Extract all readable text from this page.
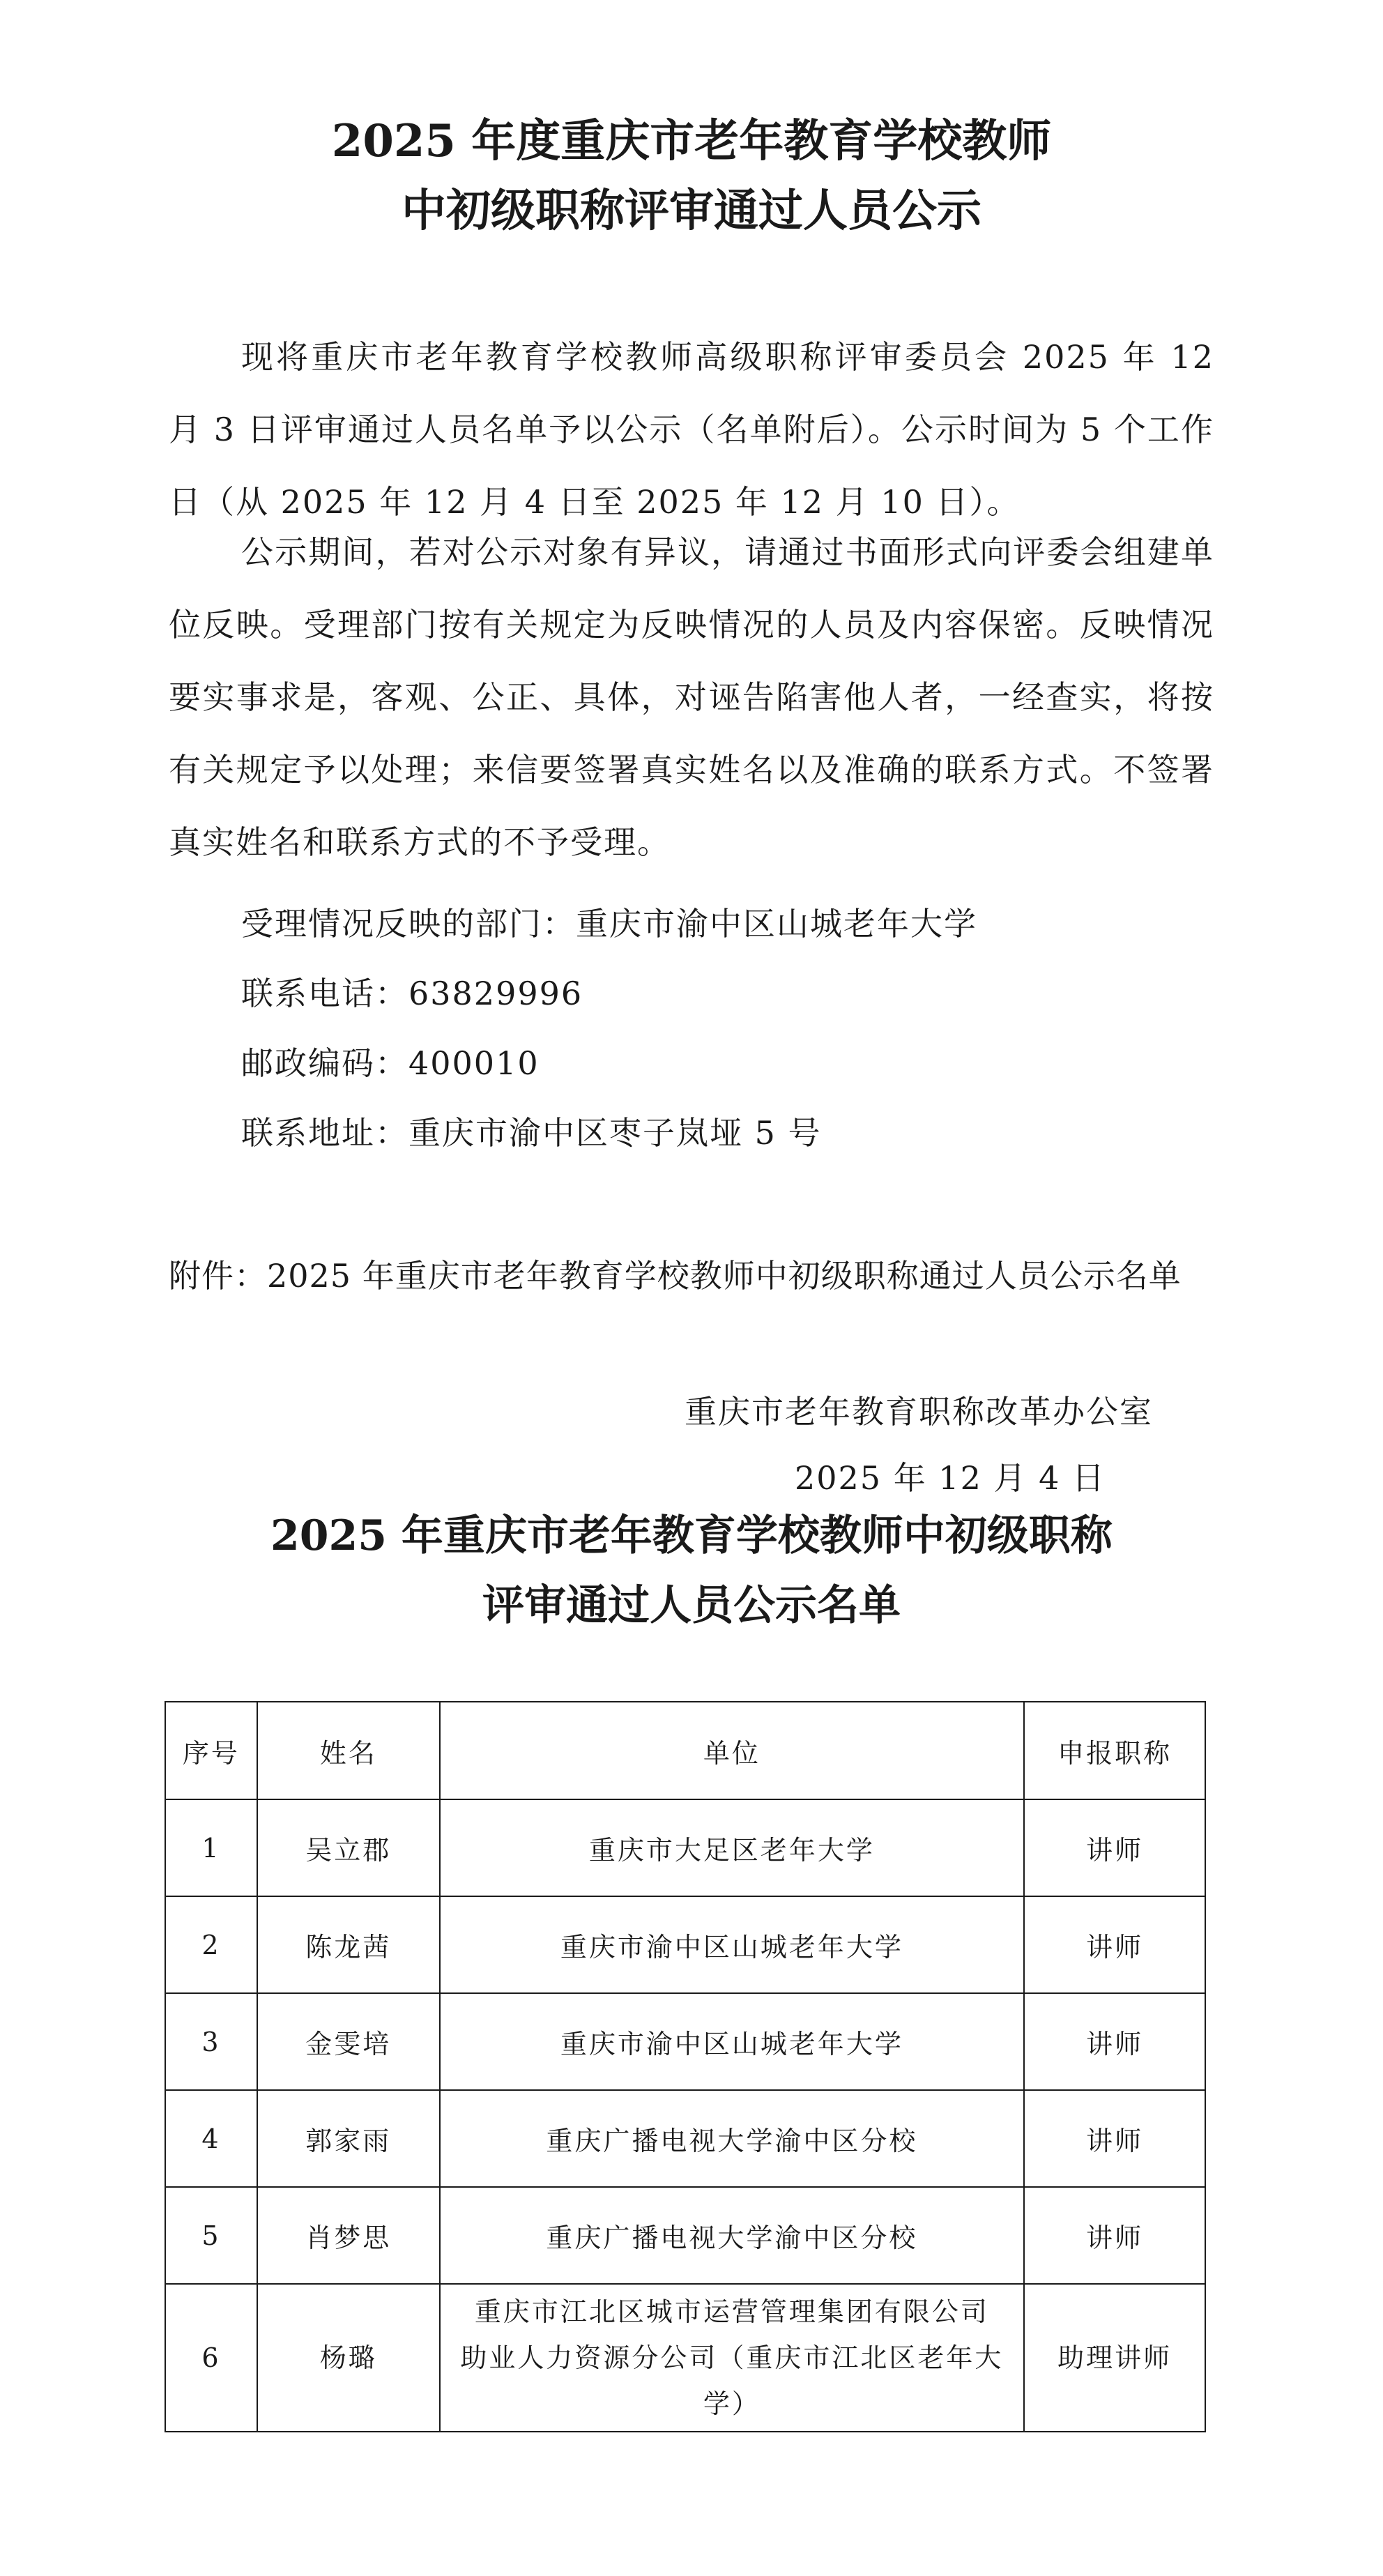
2025 年度重庆市老年教育学校教师
中初级职称评审通过人员公示
现将重庆市老年教育学校教师高级职称评审委员会 2025 年 12 月 3 日评审通过人员名单予以公示（名单附后）。公示时间为 5 个工作日（从 2025 年 12 月 4 日至 2025 年 12 月 10 日）。
公示期间，若对公示对象有异议，请通过书面形式向评委会组建单位反映。受理部门按有关规定为反映情况的人员及内容保密。反映情况要实事求是，客观、公正、具体，对诬告陷害他人者，一经查实，将按有关规定予以处理；来信要签署真实姓名以及准确的联系方式。不签署真实姓名和联系方式的不予受理。
受理情况反映的部门：重庆市渝中区山城老年大学
联系电话：63829996
邮政编码：400010
联系地址：重庆市渝中区枣子岚垭 5 号
附件：2025 年重庆市老年教育学校教师中初级职称通过人员公示名单
重庆市老年教育职称改革办公室
2025 年 12 月 4 日
2025 年重庆市老年教育学校教师中初级职称
评审通过人员公示名单
序号	姓名	单位	申报职称
1	吴立郡	重庆市大足区老年大学	讲师
2	陈龙茜	重庆市渝中区山城老年大学	讲师
3	金雯培	重庆市渝中区山城老年大学	讲师
4	郭家雨	重庆广播电视大学渝中区分校	讲师
5	肖梦思	重庆广播电视大学渝中区分校	讲师
6	杨璐	重庆市江北区城市运营管理集团有限公司
助业人力资源分公司（重庆市江北区老年大学）	助理讲师
